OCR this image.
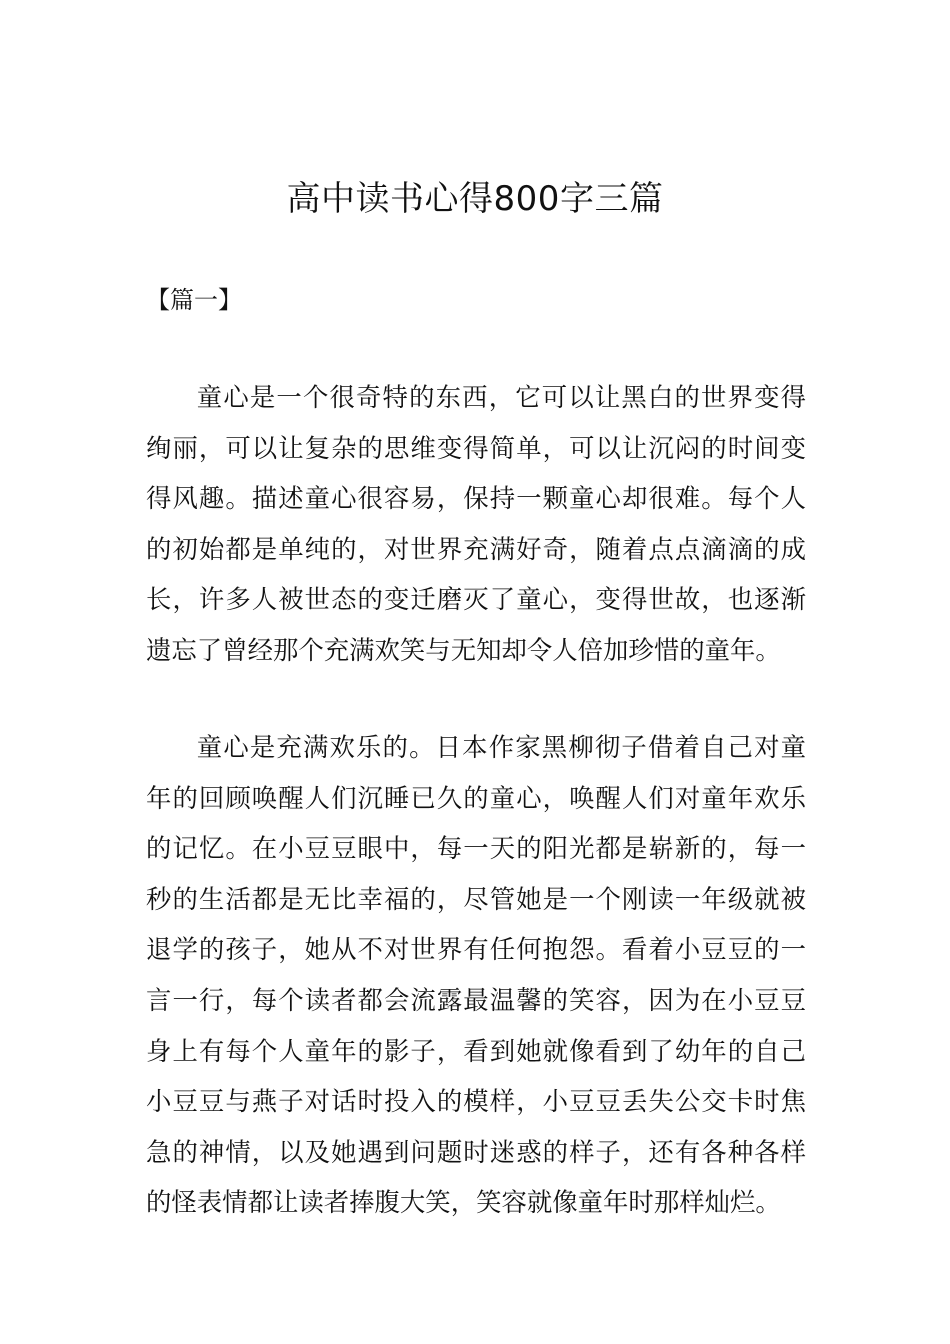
高中读书心得800字三篇
【篇一】

童心是一个很奇特的东西，它可以让黑白的世界变得绚丽，可以让复杂的思维变得简单，可以让沉闷的时间变得风趣。描述童心很容易，保持一颗童心却很难。每个人的初始都是单纯的，对世界充满好奇，随着点点滴滴的成长，许多人被世态的变迁磨灭了童心，变得世故，也逐渐遗忘了曾经那个充满欢笑与无知却令人倍加珍惜的童年。

童心是充满欢乐的。日本作家黑柳彻子借着自己对童年的回顾唤醒人们沉睡已久的童心，唤醒人们对童年欢乐的记忆。在小豆豆眼中，每一天的阳光都是崭新的，每一秒的生活都是无比幸福的，尽管她是一个刚读一年级就被退学的孩子，她从不对世界有任何抱怨。看着小豆豆的一言一行，每个读者都会流露最温馨的笑容，因为在小豆豆身上有每个人童年的影子，看到她就像看到了幼年的自己小豆豆与燕子对话时投入的模样，小豆豆丢失公交卡时焦急的神情，以及她遇到问题时迷惑的样子，还有各种各样的怪表情都让读者捧腹大笑，笑容就像童年时那样灿烂。
